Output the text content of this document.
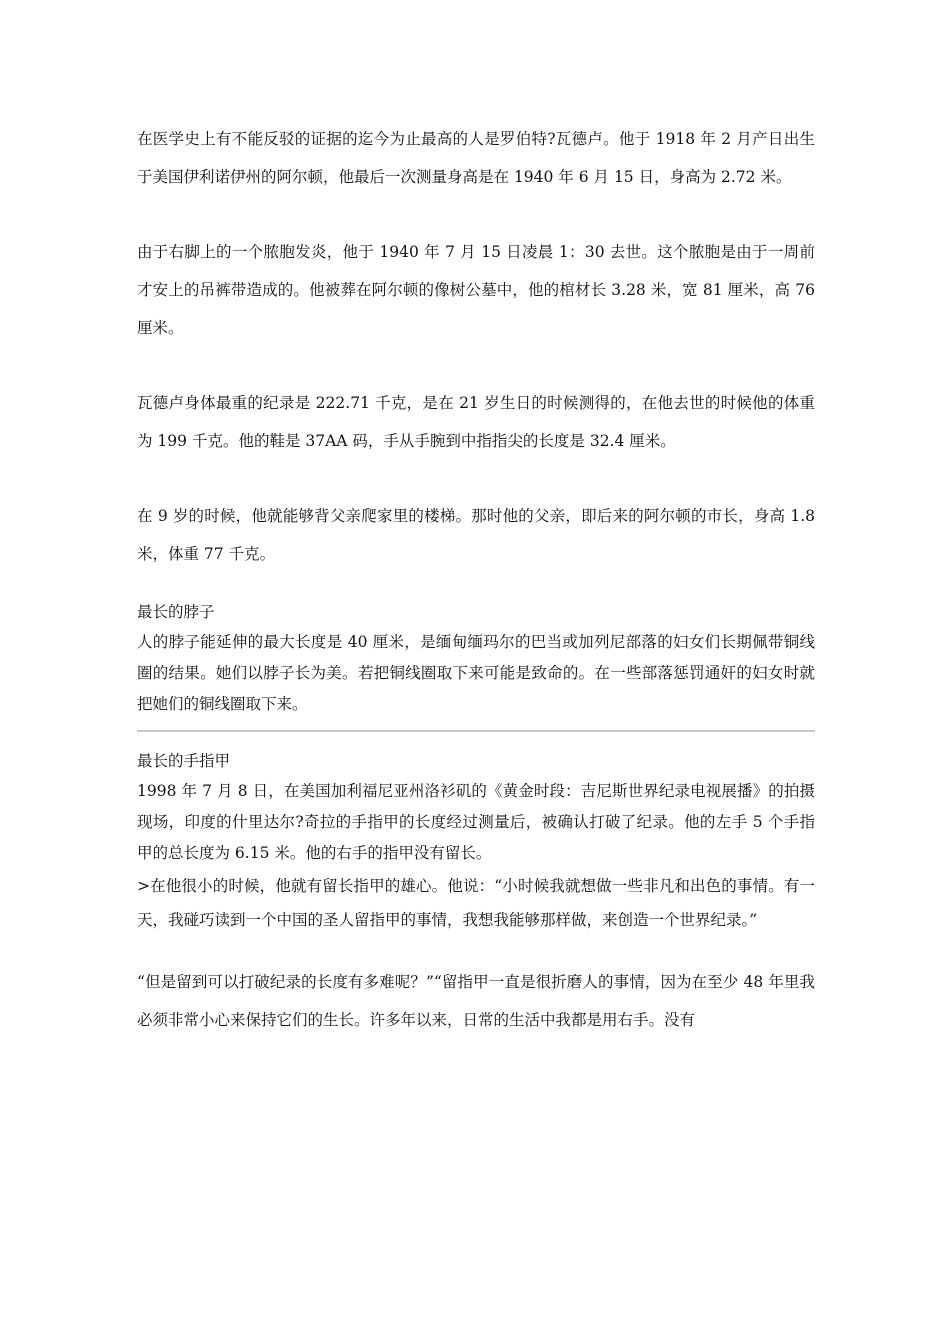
在医学史上有不能反驳的证据的迄今为止最高的人是罗伯特?瓦德卢。他于 1918 年 2 月产日出生于美国伊利诺伊州的阿尔顿，他最后一次测量身高是在 1940 年 6 月 15 日，身高为 2.72 米。

由于右脚上的一个脓胞发炎，他于 1940 年 7 月 15 日凌晨 1：30 去世。这个脓胞是由于一周前才安上的吊裤带造成的。他被葬在阿尔顿的像树公墓中，他的棺材长 3.28 米，宽 81 厘米，高 76 厘米。

瓦德卢身体最重的纪录是 222.71 千克，是在 21 岁生日的时候测得的，在他去世的时候他的体重为 199 千克。他的鞋是 37AA 码，手从手腕到中指指尖的长度是 32.4 厘米。

在 9 岁的时候，他就能够背父亲爬家里的楼梯。那时他的父亲，即后来的阿尔顿的市长，身高 1.8 米，体重 77 千克。

最长的脖子

人的脖子能延伸的最大长度是 40 厘米，是缅甸缅玛尔的巴当或加列尼部落的妇女们长期佩带铜线圈的结果。她们以脖子长为美。若把铜线圈取下来可能是致命的。在一些部落惩罚通奸的妇女时就把她们的铜线圈取下来。

最长的手指甲

1998 年 7 月 8 日，在美国加利福尼亚州洛衫矶的《黄金时段：吉尼斯世界纪录电视展播》的拍摄现场，印度的什里达尔?奇拉的手指甲的长度经过测量后，被确认打破了纪录。他的左手 5 个手指甲的总长度为 6.15 米。他的右手的指甲没有留长。

>在他很小的时候，他就有留长指甲的雄心。他说：“小时候我就想做一些非凡和出色的事情。有一天，我碰巧读到一个中国的圣人留指甲的事情，我想我能够那样做，来创造一个世界纪录。”

“但是留到可以打破纪录的长度有多难呢？”“留指甲一直是很折磨人的事情，因为在至少 48 年里我必须非常小心来保持它们的生长。许多年以来，日常的生活中我都是用右手。没有
